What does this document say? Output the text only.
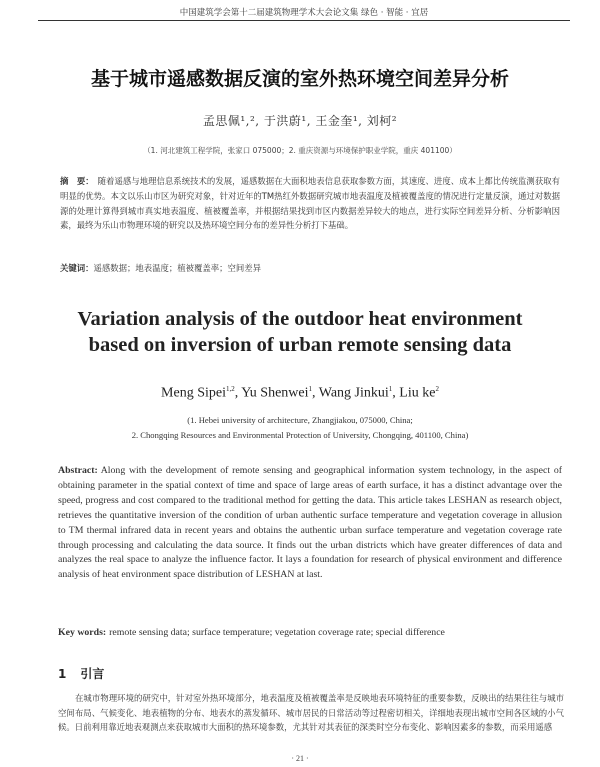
中国建筑学会第十二届建筑物理学术大会论文集 绿色 · 智能 · 宜居
基于城市遥感数据反演的室外热环境空间差异分析
孟思佩¹,², 于洪蔚¹, 王金奎¹, 刘柯²
（1. 河北建筑工程学院，张家口 075000；2. 重庆资源与环境保护职业学院，重庆 401100）
摘　要： 随着遥感与地理信息系统技术的发展，遥感数据在大面积地表信息获取参数方面，其速度、进度、成本上都比传统监测获取有明显的优势。本文以乐山市区为研究对象，针对近年的TM热红外数据研究城市地表温度及植被覆盖度的情况进行定量反演，通过对数据源的处理计算得到城市真实地表温度、植被覆盖率，并根据结果找到市区内数据差异较大的地点，进行实际空间差异分析、分析影响因素，最终为乐山市物理环境的研究以及热环境空间分布的差异性分析打下基础。
关键词：遥感数据；地表温度；植被覆盖率；空间差异
Variation analysis of the outdoor heat environment
based on inversion of urban remote sensing data
Meng Sipei$^{1,2}$, Yu Shenwei$^1$, Wang Jinkui$^1$, Liu $ke^2$
(1. Hebei university of architecture, Zhangjiakou, 075000, China;
2. Chongqing Resources and Environmental Protection of University, Chongqing, 401100, China)
Abstract: Along with the development of remote sensing and geographical information system technology, in the aspect of obtaining parameter in the spatial context of time and space of large areas of earth surface, it has a distinct advantage over the speed, progress and cost compared to the traditional method for getting the data. This article takes LESHAN as research object, retrieves the quantitative inversion of the condition of urban authentic surface temperature and vegetation coverage in allusion to TM thermal infrared data in recent years and obtains the authentic urban surface temperature and vegetation coverage rate through processing and calculating the data source. It finds out the urban districts which have greater differences of data and analyzes the real space to analyze the influence factor. It lays a foundation for research of physical environment and difference analysis of heat environment space distribution of LESHAN at last.
Key words: remote sensing data; surface temperature; vegetation coverage rate; special difference
1 引言
在城市物理环境的研究中，针对室外热环境部分，地表温度及植被覆盖率是反映地表环境特征的重要参数，反映出的结果往往与城市空间布局、气候变化、地表植物的分布、地表水的蒸发循环、城市居民的日常活动等过程密切相关，详细地表现出城市空间各区域的小气候。日前利用靠近地表观测点来获取城市大面积的热环境参数，尤其针对其表征的深类时空分布变化、影响因素多的参数，而采用遥感
· 21 ·
